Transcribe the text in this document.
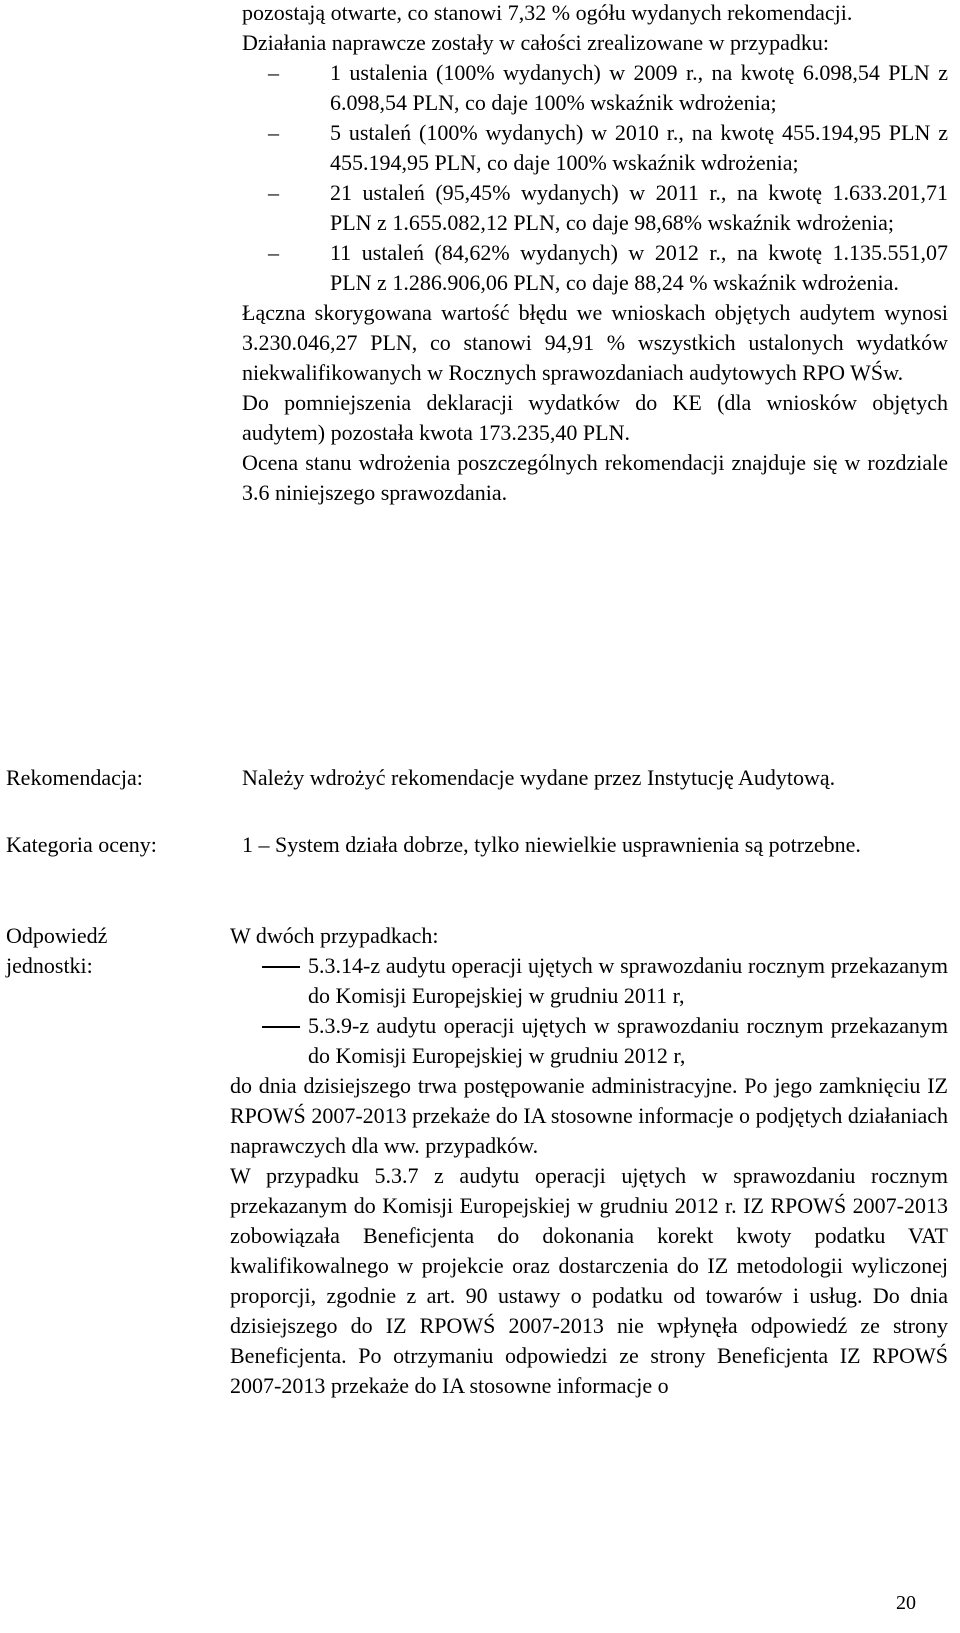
pozostają otwarte, co stanowi 7,32 % ogółu wydanych rekomendacji.

Działania naprawcze zostały w całości zrealizowane w przypadku:

– 1 ustalenia (100% wydanych) w 2009 r., na kwotę 6.098,54 PLN z 6.098,54 PLN, co daje 100% wskaźnik wdrożenia;
– 5 ustaleń (100% wydanych) w 2010 r., na kwotę 455.194,95 PLN z 455.194,95 PLN, co daje 100% wskaźnik wdrożenia;
– 21 ustaleń (95,45% wydanych) w 2011 r., na kwotę 1.633.201,71 PLN z 1.655.082,12 PLN, co daje 98,68% wskaźnik wdrożenia;
– 11 ustaleń (84,62% wydanych) w 2012 r., na kwotę 1.135.551,07 PLN z 1.286.906,06 PLN, co daje 88,24 % wskaźnik wdrożenia.

Łączna skorygowana wartość błędu we wnioskach objętych audytem wynosi 3.230.046,27 PLN, co stanowi 94,91 % wszystkich ustalonych wydatków niekwalifikowanych w Rocznych sprawozdaniach audytowych RPO WŚw.

Do pomniejszenia deklaracji wydatków do KE (dla wniosków objętych audytem) pozostała kwota 173.235,40 PLN.

Ocena stanu wdrożenia poszczególnych rekomendacji znajduje się w rozdziale 3.6 niniejszego sprawozdania.

Rekomendacja:	Należy wdrożyć rekomendacje wydane przez Instytucję Audytową.

Kategoria oceny:	1 – System działa dobrze, tylko niewielkie usprawnienia są potrzebne.

Odpowiedź
jednostki:

W dwóch przypadkach:

5.3.14-z audytu operacji ujętych w sprawozdaniu rocznym przekazanym do Komisji Europejskiej w grudniu 2011 r,
5.3.9-z audytu operacji ujętych w sprawozdaniu rocznym przekazanym do Komisji Europejskiej w grudniu 2012 r,

do dnia dzisiejszego trwa postępowanie administracyjne. Po jego zamknięciu IZ RPOWŚ 2007-2013 przekaże do IA stosowne informacje o podjętych działaniach naprawczych dla ww. przypadków.

W przypadku 5.3.7 z audytu operacji ujętych w sprawozdaniu rocznym przekazanym do Komisji Europejskiej w grudniu 2012 r. IZ RPOWŚ 2007-2013 zobowiązała Beneficjenta do dokonania korekt kwoty podatku VAT kwalifikowalnego w projekcie oraz dostarczenia do IZ metodologii wyliczonej proporcji, zgodnie z art. 90 ustawy o podatku od towarów i usług. Do dnia dzisiejszego do IZ RPOWŚ 2007-2013 nie wpłynęła odpowiedź ze strony Beneficjenta. Po otrzymaniu odpowiedzi ze strony Beneficjenta IZ RPOWŚ 2007-2013 przekaże do IA stosowne informacje o

20
